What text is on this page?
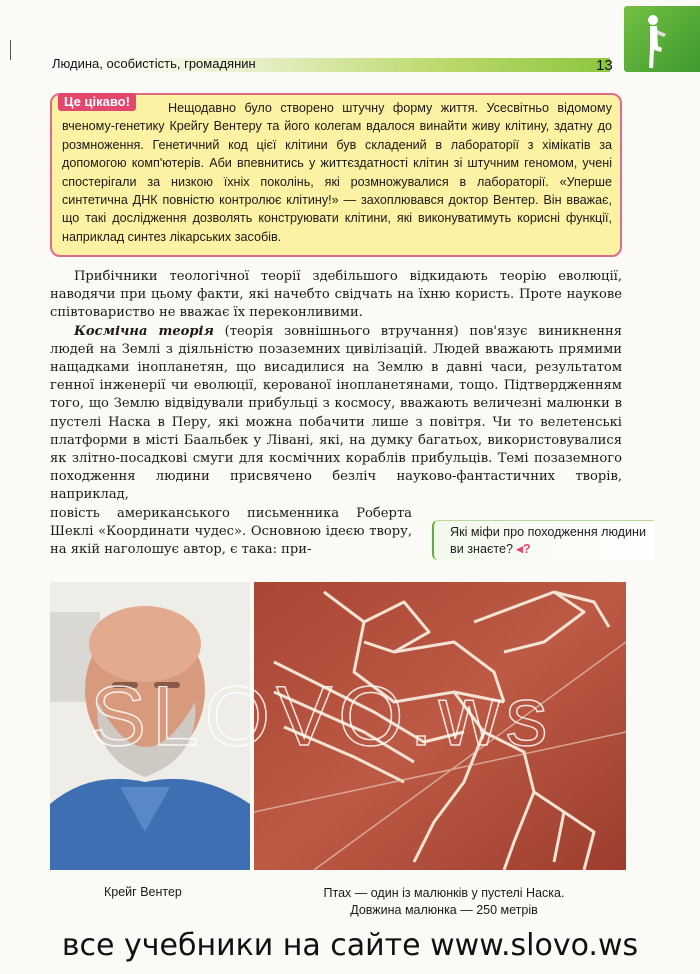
Людина, особистість, громадянин	13
Це цікаво!	Нещодавно було створено штучну форму життя. Усесвітньо відомому вченому-генетику Крейгу Вентеру та його колегам вдалося винайти живу клітину, здатну до розмноження. Генетичний код цієї клітини був складений в лабораторії з хімікатів за допомогою комп'ютерів. Аби впевнитись у життєздатності клітин зі штучним геномом, учені спостерігали за низкою їхніх поколінь, які розмножувалися в лабораторії. «Уперше синтетична ДНК повністю контролює клітину!» — захоплювався доктор Вентер. Він вважає, що такі дослідження дозволять конструювати клітини, які виконуватимуть корисні функції, наприклад синтез лікарських засобів.

Прибічники теологічної теорії здебільшого відкидають теорію еволюції, наводячи при цьому факти, які начебто свідчать на їхню користь. Проте наукове співтовариство не вважає їх переконливими.

Космічна теорія (теорія зовнішнього втручання) пов'язує виникнення людей на Землі з діяльністю позаземних цивілізацій. Людей вважають прямими нащадками інопланетян, що висадилися на Землю в давні часи, результатом генної інженерії чи еволюції, керованої інопланетянами, тощо. Підтвердженням того, що Землю відвідували прибульці з космосу, вважають величезні малюнки в пустелі Наска в Перу, які можна побачити лише з повітря. Чи то велетенські платформи в місті Баальбек у Лівані, які, на думку багатьох, використовувалися як злітно-посадкові смуги для космічних кораблів прибульців. Темі позаземного походження людини присвячено безліч науково-фантастичних творів, наприклад,

повість американського письменника Роберта Шеклі «Координати чудес». Основною ідеєю твору, на якій наголошує автор, є така: при-
Які міфи про походження людини ви знаєте? ◂?
Крейг Вентер	Птах — один із малюнків у пустелі Наска.
Довжина малюнка — 250 метрів
все учебники на сайте www.slovo.ws
